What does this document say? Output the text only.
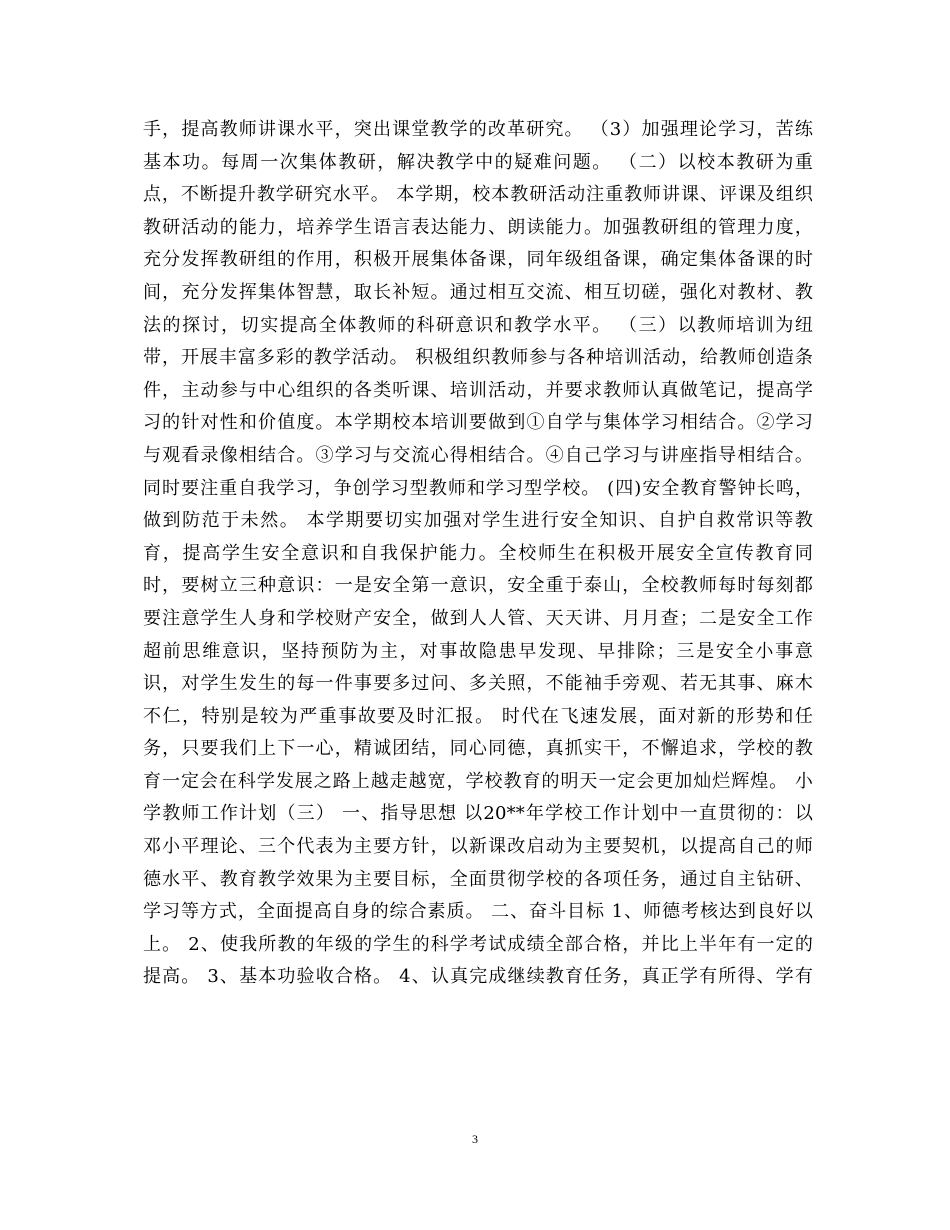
手，提高教师讲课水平，突出课堂教学的改革研究。 （3）加强理论学习，苦练
基本功。每周一次集体教研，解决教学中的疑难问题。 （二）以校本教研为重
点，不断提升教学研究水平。 本学期，校本教研活动注重教师讲课、评课及组织
教研活动的能力，培养学生语言表达能力、朗读能力。加强教研组的管理力度，
充分发挥教研组的作用，积极开展集体备课，同年级组备课，确定集体备课的时
间，充分发挥集体智慧，取长补短。通过相互交流、相互切磋，强化对教材、教
法的探讨，切实提高全体教师的科研意识和教学水平。 （三）以教师培训为纽
带，开展丰富多彩的教学活动。 积极组织教师参与各种培训活动，给教师创造条
件，主动参与中心组织的各类听课、培训活动，并要求教师认真做笔记，提高学
习的针对性和价值度。本学期校本培训要做到①自学与集体学习相结合。②学习
与观看录像相结合。③学习与交流心得相结合。④自己学习与讲座指导相结合。
同时要注重自我学习，争创学习型教师和学习型学校。 (四)安全教育警钟长鸣，
做到防范于未然。 本学期要切实加强对学生进行安全知识、自护自救常识等教
育，提高学生安全意识和自我保护能力。全校师生在积极开展安全宣传教育同
时，要树立三种意识：一是安全第一意识，安全重于泰山，全校教师每时每刻都
要注意学生人身和学校财产安全，做到人人管、天天讲、月月查；二是安全工作
超前思维意识，坚持预防为主，对事故隐患早发现、早排除；三是安全小事意
识，对学生发生的每一件事要多过问、多关照，不能袖手旁观、若无其事、麻木
不仁，特别是较为严重事故要及时汇报。 时代在飞速发展，面对新的形势和任
务，只要我们上下一心，精诚团结，同心同德，真抓实干，不懈追求，学校的教
育一定会在科学发展之路上越走越宽，学校教育的明天一定会更加灿烂辉煌。 小
学教师工作计划（三） 一、指导思想 以20**年学校工作计划中一直贯彻的：以
邓小平理论、三个代表为主要方针，以新课改启动为主要契机，以提高自己的师
德水平、教育教学效果为主要目标，全面贯彻学校的各项任务，通过自主钻研、
学习等方式，全面提高自身的综合素质。 二、奋斗目标 1、师德考核达到良好以
上。 2、使我所教的年级的学生的科学考试成绩全部合格，并比上半年有一定的
提高。 3、基本功验收合格。 4、认真完成继续教育任务，真正学有所得、学有
3
